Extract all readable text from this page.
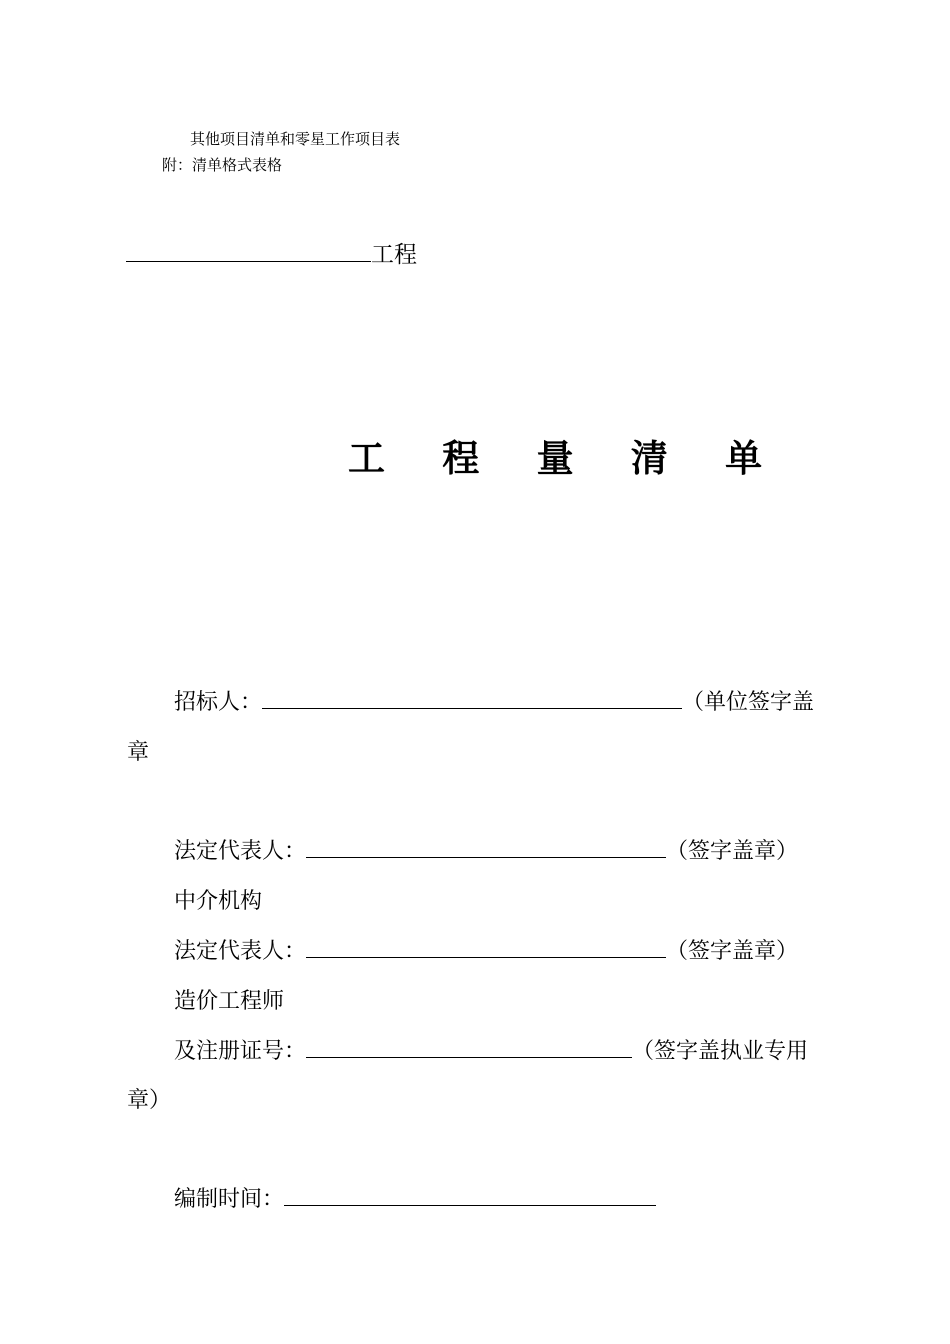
其他项目清单和零星工作项目表
附：清单格式表格
工程
工 程 量 清 单
招标人：	（单位签字盖
章
法定代表人：	（签字盖章）
中介机构
法定代表人：	（签字盖章）
造价工程师
及注册证号：	（签字盖执业专用
章）
编制时间：
